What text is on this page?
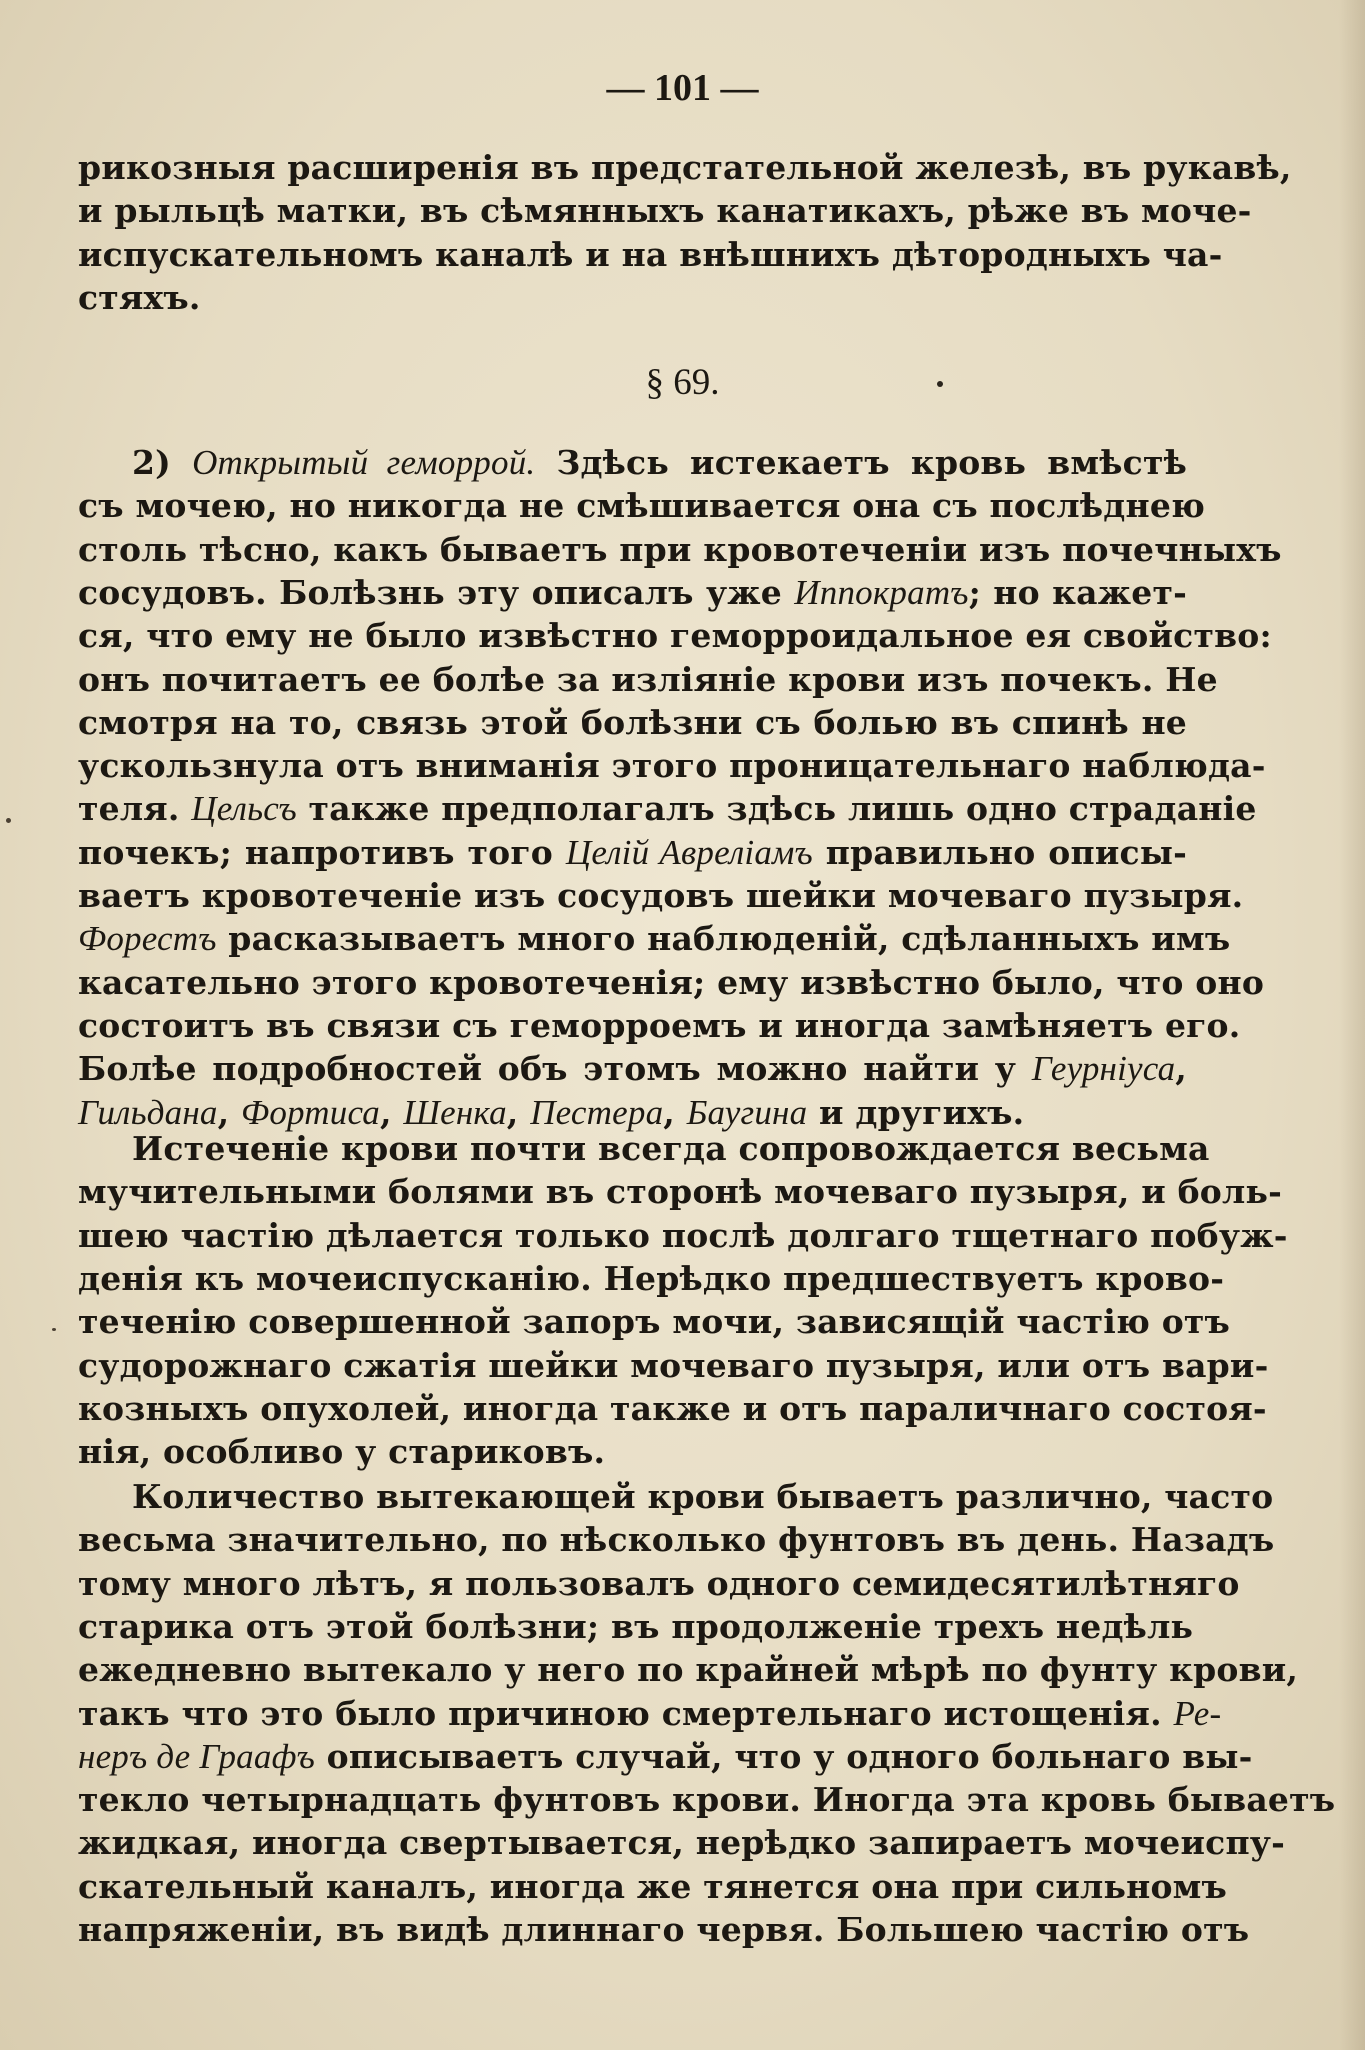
— 101 —
рикозныя расширенія въ предстательной железѣ, въ рукавѣ,
и рыльцѣ матки, въ сѣмянныхъ канатикахъ, рѣже въ моче-
испускательномъ каналѣ и на внѣшнихъ дѣтородныхъ ча-
стяхъ.
§ 69.
2) Открытый геморрой. Здѣсь истекаетъ кровь вмѣстѣ
съ мочею, но никогда не смѣшивается она съ послѣднею
столь тѣсно, какъ бываетъ при кровотеченіи изъ почечныхъ
сосудовъ. Болѣзнь эту описалъ уже Иппократъ; но кажет-
ся, что ему не было извѣстно геморроидальное ея свойство:
онъ почитаетъ ее болѣе за изліяніе крови изъ почекъ. Не
смотря на то, связь этой болѣзни съ болью въ спинѣ не
ускользнула отъ вниманія этого проницательнаго наблюда-
теля. Цельсъ также предполагалъ здѣсь лишь одно страданіе
почекъ; напротивъ того Целій Авреліамъ правильно описы-
ваетъ кровотеченіе изъ сосудовъ шейки мочеваго пузыря.
Форестъ расказываетъ много наблюденій, сдѣланныхъ имъ
касательно этого кровотеченія; ему извѣстно было, что оно
состоитъ въ связи съ геморроемъ и иногда замѣняетъ его.
Болѣе подробностей объ этомъ можно найти у Геурніуса,
Гильдана, Фортиса, Шенка, Пестера, Баугина и другихъ.
Истеченіе крови почти всегда сопровождается весьма
мучительными болями въ сторонѣ мочеваго пузыря, и боль-
шею частію дѣлается только послѣ долгаго тщетнаго побуж-
денія къ мочеиспусканію. Нерѣдко предшествуетъ крово-
теченію совершенной запоръ мочи, зависящій частію отъ
судорожнаго сжатія шейки мочеваго пузыря, или отъ вари-
козныхъ опухолей, иногда также и отъ параличнаго состоя-
нія, особливо у стариковъ.
Количество вытекающей крови бываетъ различно, часто
весьма значительно, по нѣсколько фунтовъ въ день. Назадъ
тому много лѣтъ, я пользовалъ одного семидесятилѣтняго
старика отъ этой болѣзни; въ продолженіе трехъ недѣль
ежедневно вытекало у него по крайней мѣрѣ по фунту крови,
такъ что это было причиною смертельнаго истощенія. Ре-
неръ де Граафъ описываетъ случай, что у одного больнаго вы-
текло четырнадцать фунтовъ крови. Иногда эта кровь бываетъ
жидкая, иногда свертывается, нерѣдко запираетъ мочеиспу-
скательный каналъ, иногда же тянется она при сильномъ
напряженіи, въ видѣ длиннаго червя. Большею частію отъ
